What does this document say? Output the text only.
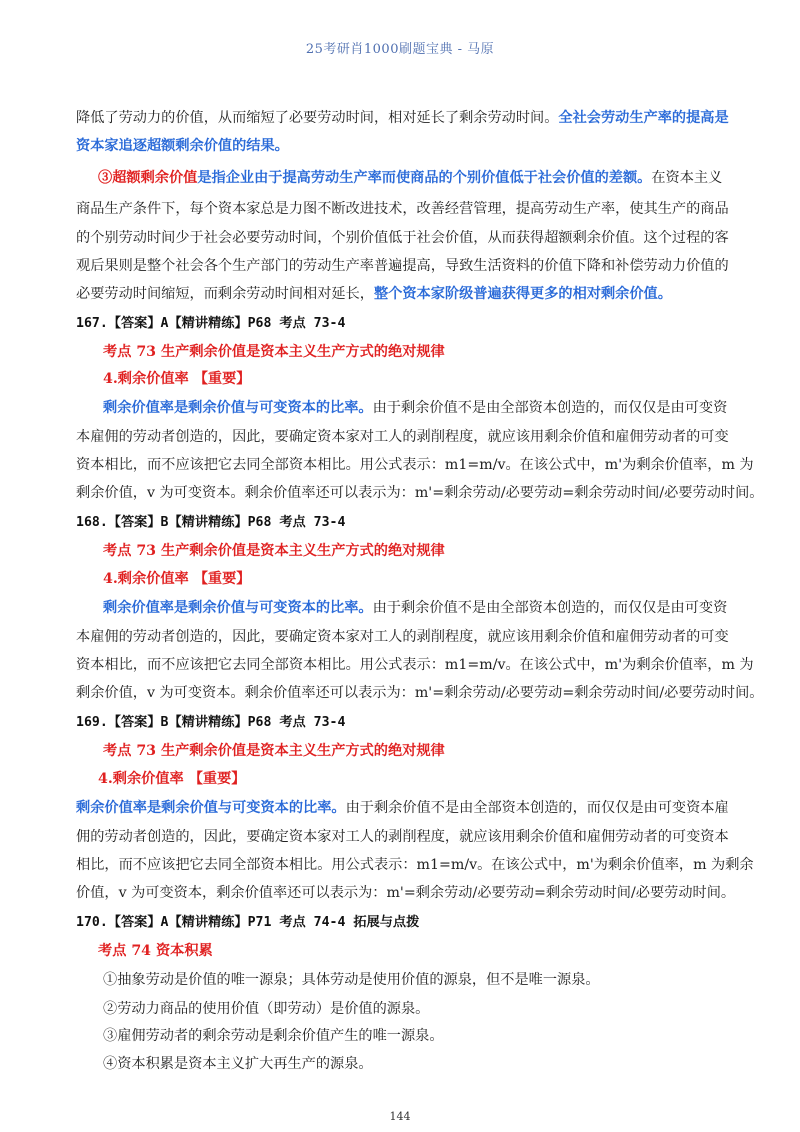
25考研肖1000刷题宝典 - 马原
降低了劳动力的价值，从而缩短了必要劳动时间，相对延长了剩余劳动时间。全社会劳动生产率的提高是
资本家追逐超额剩余价值的结果。
③超额剩余价值是指企业由于提高劳动生产率而使商品的个别价值低于社会价值的差额。在资本主义
商品生产条件下，每个资本家总是力图不断改进技术，改善经营管理，提高劳动生产率，使其生产的商品
的个别劳动时间少于社会必要劳动时间，个别价值低于社会价值，从而获得超额剩余价值。这个过程的客
观后果则是整个社会各个生产部门的劳动生产率普遍提高，导致生活资料的价值下降和补偿劳动力价值的
必要劳动时间缩短，而剩余劳动时间相对延长，整个资本家阶级普遍获得更多的相对剩余价值。
167.【答案】A【精讲精练】P68 考点 73-4
考点 73 生产剩余价值是资本主义生产方式的绝对规律
4.剩余价值率 【重要】
剩余价值率是剩余价值与可变资本的比率。由于剩余价值不是由全部资本创造的，而仅仅是由可变资
本雇佣的劳动者创造的，因此，要确定资本家对工人的剥削程度，就应该用剩余价值和雇佣劳动者的可变
资本相比，而不应该把它去同全部资本相比。用公式表示：m1=m/v。在该公式中，m'为剩余价值率，m 为
剩余价值，v 为可变资本。剩余价值率还可以表示为：m'=剩余劳动/必要劳动=剩余劳动时间/必要劳动时间。
168.【答案】B【精讲精练】P68 考点 73-4
考点 73 生产剩余价值是资本主义生产方式的绝对规律
4.剩余价值率 【重要】
剩余价值率是剩余价值与可变资本的比率。由于剩余价值不是由全部资本创造的，而仅仅是由可变资
本雇佣的劳动者创造的，因此，要确定资本家对工人的剥削程度，就应该用剩余价值和雇佣劳动者的可变
资本相比，而不应该把它去同全部资本相比。用公式表示：m1=m/v。在该公式中，m'为剩余价值率，m 为
剩余价值，v 为可变资本。剩余价值率还可以表示为：m'=剩余劳动/必要劳动=剩余劳动时间/必要劳动时间。
169.【答案】B【精讲精练】P68 考点 73-4
考点 73 生产剩余价值是资本主义生产方式的绝对规律
4.剩余价值率 【重要】
剩余价值率是剩余价值与可变资本的比率。由于剩余价值不是由全部资本创造的，而仅仅是由可变资本雇
佣的劳动者创造的，因此，要确定资本家对工人的剥削程度，就应该用剩余价值和雇佣劳动者的可变资本
相比，而不应该把它去同全部资本相比。用公式表示：m1=m/v。在该公式中，m'为剩余价值率，m 为剩余
价值，v 为可变资本，剩余价值率还可以表示为：m'=剩余劳动/必要劳动=剩余劳动时间/必要劳动时间。
170.【答案】A【精讲精练】P71 考点 74-4 拓展与点拨
考点 74 资本积累
①抽象劳动是价值的唯一源泉；具体劳动是使用价值的源泉，但不是唯一源泉。
②劳动力商品的使用价值（即劳动）是价值的源泉。
③雇佣劳动者的剩余劳动是剩余价值产生的唯一源泉。
④资本积累是资本主义扩大再生产的源泉。
144
